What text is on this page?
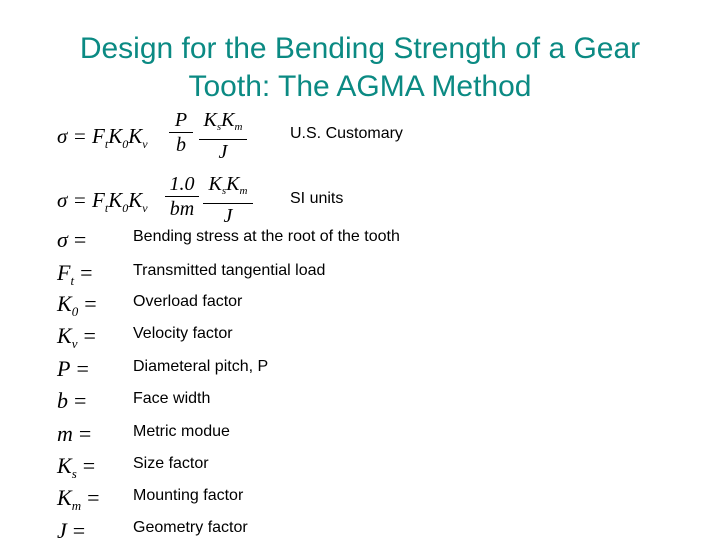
Design for the Bending Strength of a Gear
Tooth: The AGMA Method
$\sigma = F_tK_0K_v$
P
b
$K_sK_m$
J
U.S. Customary
$\sigma = F_tK_0K_v$
1.0
bm
$K_sK_m$
J
SI units
σ =	Bending stress at the root of the tooth
$F_t$ =	Transmitted tangential load
$K_0$ = Overload factor
$K_v$ = Velocity factor
P =	Diameteral pitch, P
b =	Face width
m =	Metric modue
$K_s$ = Size factor
$K_m$ = Mounting factor
J =	Geometry factor
